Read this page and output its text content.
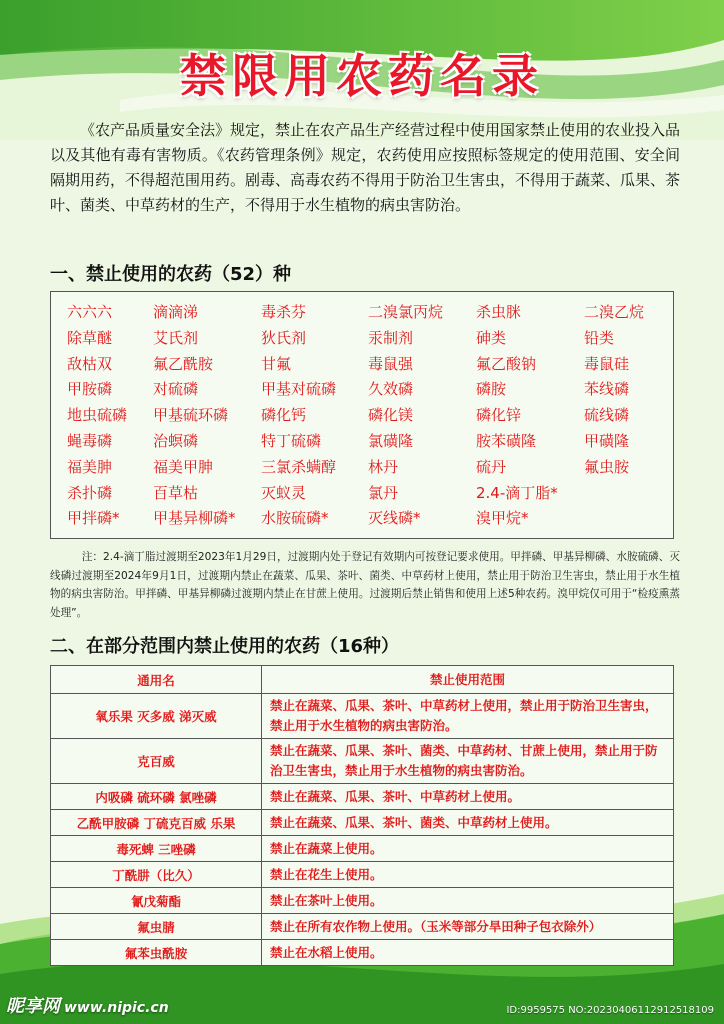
禁限用农药名录
《农产品质量安全法》规定，禁止在农产品生产经营过程中使用国家禁止使用的农业投入品以及其他有毒有害物质。《农药管理条例》规定，农药使用应按照标签规定的使用范围、安全间隔期用药，不得超范围用药。剧毒、高毒农药不得用于防治卫生害虫，不得用于蔬菜、瓜果、茶叶、菌类、中草药材的生产，不得用于水生植物的病虫害防治。
一、禁止使用的农药（52）种
六六六	滴滴涕	毒杀芬	二溴氯丙烷	杀虫脒	二溴乙烷
除草醚	艾氏剂	狄氏剂	汞制剂	砷类	铅类
敌枯双	氟乙酰胺	甘氟	毒鼠强	氟乙酸钠	毒鼠硅
甲胺磷	对硫磷	甲基对硫磷	久效磷	磷胺	苯线磷
地虫硫磷	甲基硫环磷	磷化钙	磷化镁	磷化锌	硫线磷
蝇毒磷	治螟磷	特丁硫磷	氯磺隆	胺苯磺隆	甲磺隆
福美胂	福美甲胂	三氯杀螨醇	林丹	硫丹	氟虫胺
杀扑磷	百草枯	灭蚁灵	氯丹	2.4-滴丁脂*
甲拌磷*	甲基异柳磷*	水胺硫磷*	灭线磷*	溴甲烷*
注：2.4-滴丁脂过渡期至2023年1月29日，过渡期内处于登记有效期内可按登记要求使用。甲拌磷、甲基异柳磷、水胺硫磷、灭线磷过渡期至2024年9月1日，过渡期内禁止在蔬菜、瓜果、茶叶、菌类、中草药材上使用，禁止用于防治卫生害虫，禁止用于水生植物的病虫害防治。甲拌磷、甲基异柳磷过渡期内禁止在甘蔗上使用。过渡期后禁止销售和使用上述5种农药。溴甲烷仅可用于“检疫熏蒸处理”。
二、在部分范围内禁止使用的农药（16种）
通用名	禁止使用范围
氧乐果 灭多威 涕灭威	禁止在蔬菜、瓜果、茶叶、中草药材上使用，禁止用于防治卫生害虫，禁止用于水生植物的病虫害防治。
克百威	禁止在蔬菜、瓜果、茶叶、菌类、中草药材、甘蔗上使用，禁止用于防治卫生害虫，禁止用于水生植物的病虫害防治。
内吸磷 硫环磷 氯唑磷	禁止在蔬菜、瓜果、茶叶、中草药材上使用。
乙酰甲胺磷 丁硫克百威 乐果	禁止在蔬菜、瓜果、茶叶、菌类、中草药材上使用。
毒死蜱 三唑磷	禁止在蔬菜上使用。
丁酰肼（比久）	禁止在花生上使用。
氰戊菊酯	禁止在茶叶上使用。
氟虫腈	禁止在所有农作物上使用。（玉米等部分旱田种子包衣除外）
氟苯虫酰胺	禁止在水稻上使用。
昵享网 www.nipic.cn	ID:9959575 NO:20230406112912518109
